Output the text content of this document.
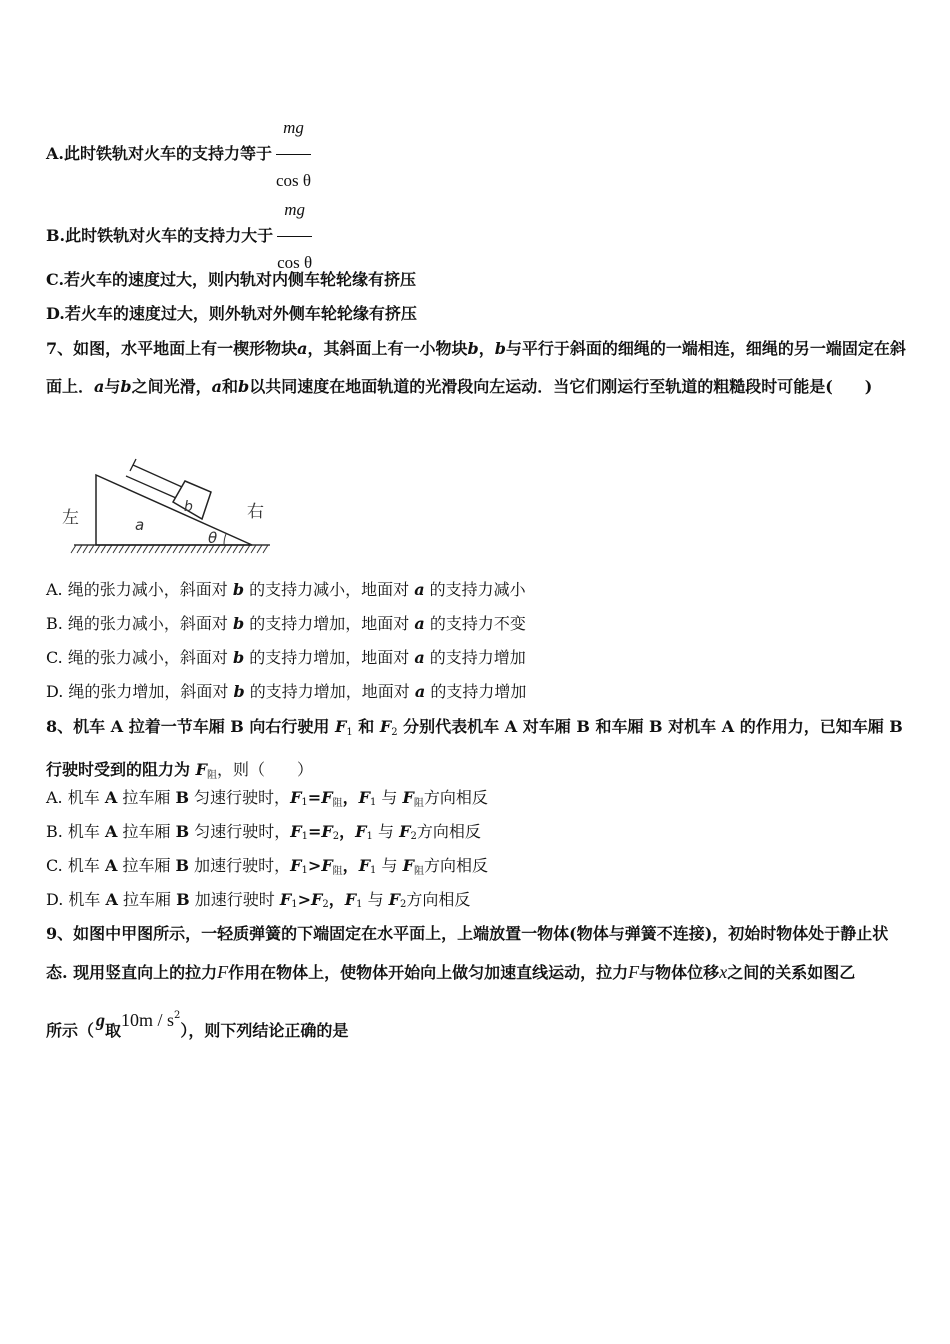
A.此时铁轨对火车的支持力等于 $\frac{mg}{\text{cos θ}}$
B.此时铁轨对火车的支持力大于 $\frac{mg}{\text{cos θ}}$
C.若火车的速度过大，则内轨对内侧车轮轮缘有挤压
D.若火车的速度过大，则外轨对外侧车轮轮缘有挤压
7、如图，水平地面上有一楔形物块a，其斜面上有一小物块b，b与平行于斜面的细绳的一端相连，细绳的另一端固定在斜面上．a与b之间光滑，a和b以共同速度在地面轨道的光滑段向左运动．当它们刚运行至轨道的粗糙段时可能是(　　)
左	右
a
b
θ
A. 绳的张力减小，斜面对 b 的支持力减小，地面对 a 的支持力减小
B. 绳的张力减小，斜面对 b 的支持力增加，地面对 a 的支持力不变
C. 绳的张力减小，斜面对 b 的支持力增加，地面对 a 的支持力增加
D. 绳的张力增加，斜面对 b 的支持力增加，地面对 a 的支持力增加
8、机车 A 拉着一节车厢 B 向右行驶用 F1 和 F2 分别代表机车 A 对车厢 B 和车厢 B 对机车 A 的作用力，已知车厢 B 行驶时受到的阻力为 F阻，则（　　）
A. 机车 A 拉车厢 B 匀速行驶时，$F_1=F$阻，$F_1$ 与 F阻方向相反
B. 机车 A 拉车厢 B 匀速行驶时，$F_1=F_2$，$F_1$ 与 $F_2$方向相反
C. 机车 A 拉车厢 B 加速行驶时，$F_1>F$阻，$F_1$ 与 F阻方向相反
D. 机车 A 拉车厢 B 加速行驶时 $F_1>F_2$，$F_1$ 与 $F_2$方向相反
9、如图中甲图所示，一轻质弹簧的下端固定在水平面上，上端放置一物体(物体与弹簧不连接)，初始时物体处于静止状态. 现用竖直向上的拉力F作用在物体上，使物体开始向上做匀加速直线运动，拉力F与物体位移x之间的关系如图乙
所示（g取$10m / s^2$），则下列结论正确的是
